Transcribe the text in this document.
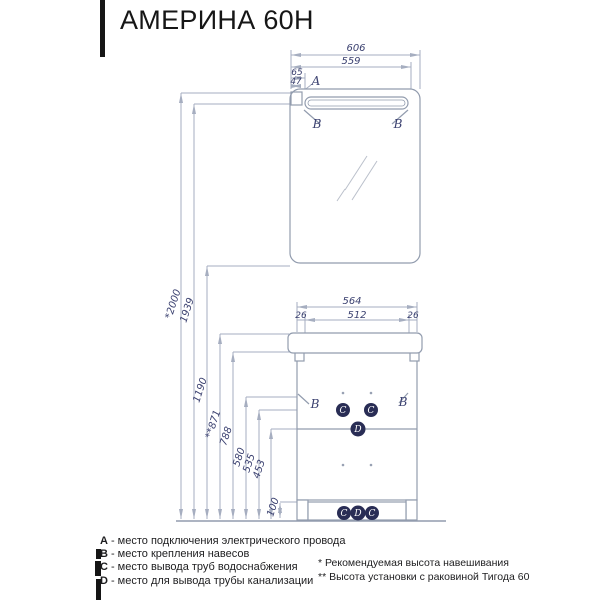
АМЕРИНА 60Н
C C
D
C D C
A
B	B
B	B
606
559
65
47
564
26	512	26
*2000
1939
1190
**871
788
580
535
453
100
A - место подключения электрического провода
B - место крепления навесов
C - место вывода труб водоснабжения
D - место для вывода трубы канализации
* Рекомендуемая высота навешивания
** Высота установки с раковиной Тигода 60
